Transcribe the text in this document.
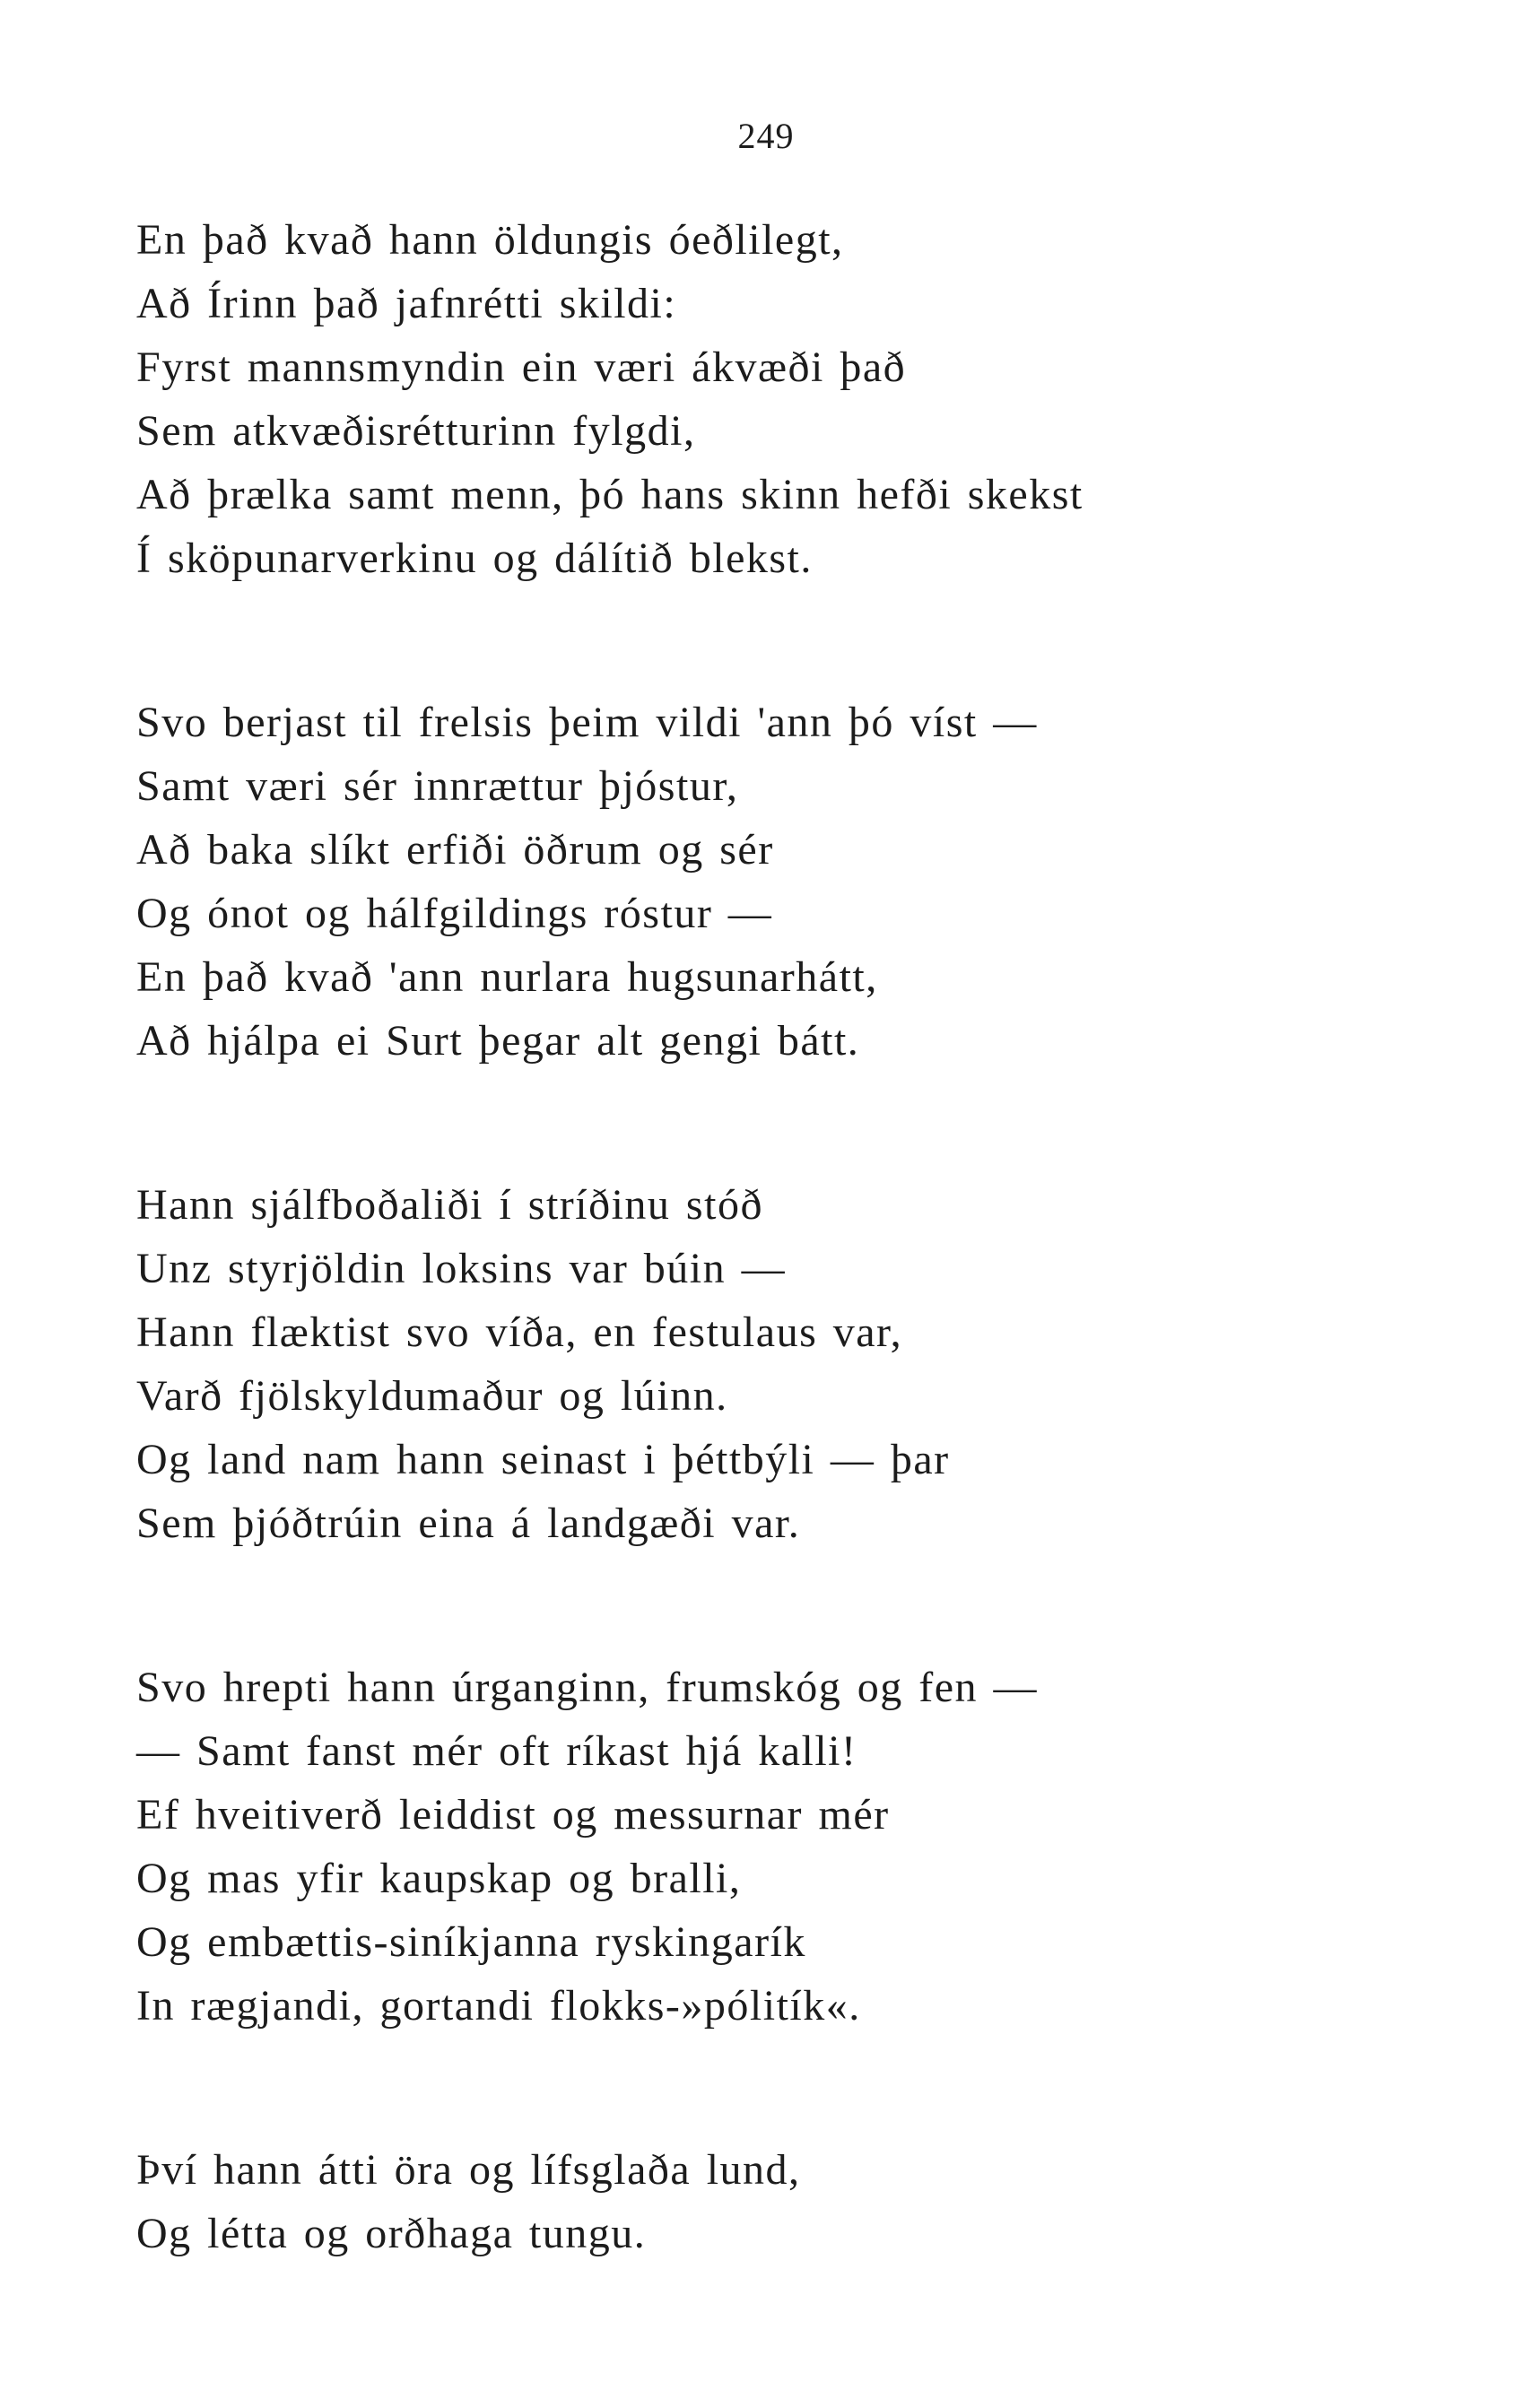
249
En það kvað hann öldungis óeðlilegt,
Að Írinn það jafnrétti skildi:
Fyrst mannsmyndin ein væri ákvæði það
Sem atkvæðisrétturinn fylgdi,
Að þrælka samt menn, þó hans skinn hefði skekst
Í sköpunarverkinu og dálítið blekst.
Svo berjast til frelsis þeim vildi 'ann þó víst —
Samt væri sér innrættur þjóstur,
Að baka slíkt erfiði öðrum og sér
Og ónot og hálfgildings róstur —
En það kvað 'ann nurlara hugsunarhátt,
Að hjálpa ei Surt þegar alt gengi bátt.
Hann sjálfboðaliði í stríðinu stóð
Unz styrjöldin loksins var búin —
Hann flæktist svo víða, en festulaus var,
Varð fjölskyldumaður og lúinn.
Og land nam hann seinast i þéttbýli — þar
Sem þjóðtrúin eina á landgæði var.
Svo hrepti hann úrganginn, frumskóg og fen —
— Samt fanst mér oft ríkast hjá kalli!
Ef hveitiverð leiddist og messurnar mér
Og mas yfir kaupskap og bralli,
Og embættis-siníkjanna ryskingarík
In rægjandi, gortandi flokks-»pólitík«.
Því hann átti öra og lífsglaða lund,
Og létta og orðhaga tungu.
